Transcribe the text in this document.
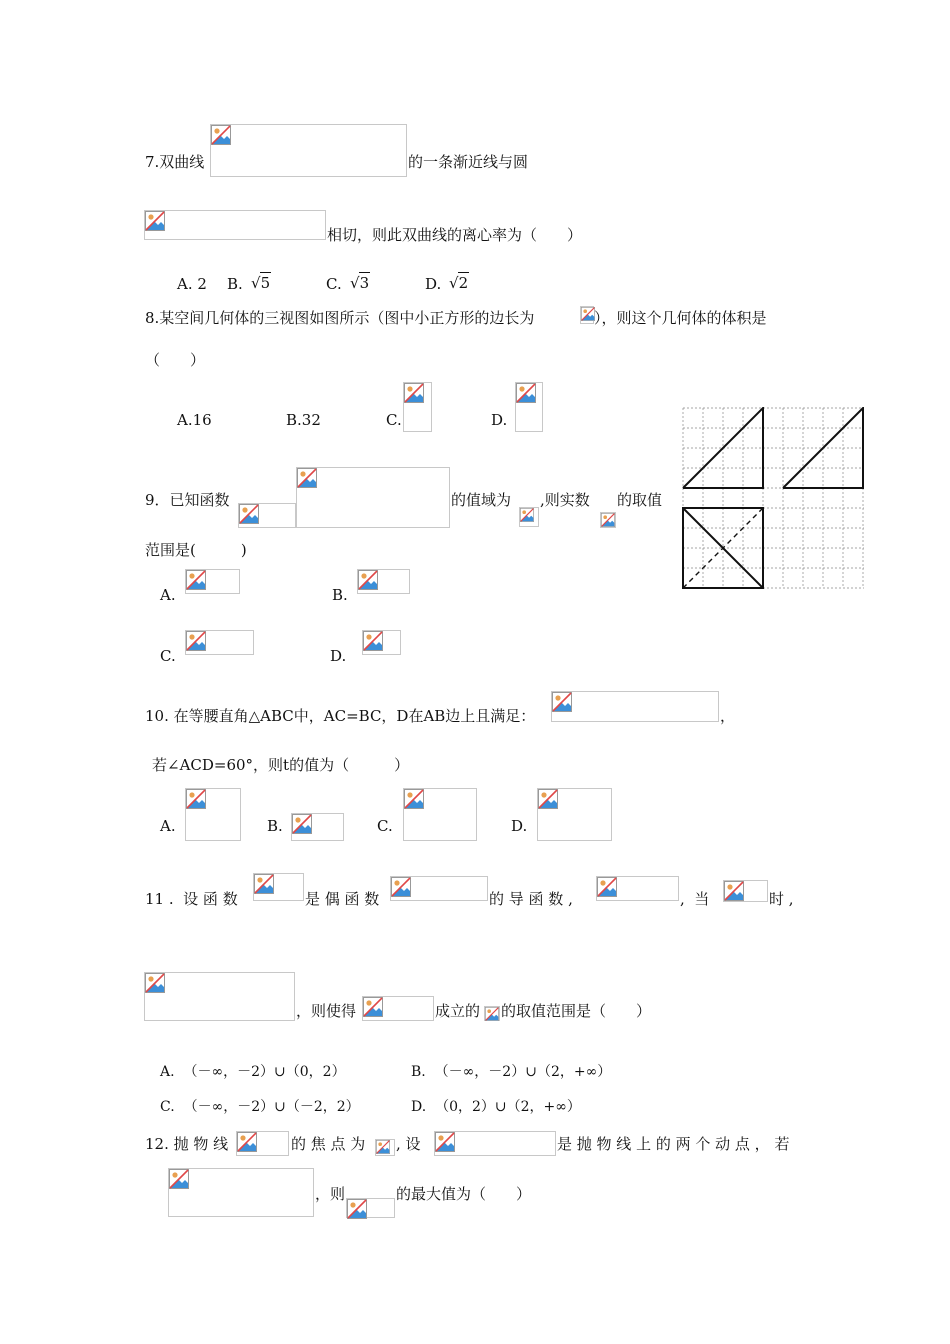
7.双曲线	的一条渐近线与圆
相切，则此双曲线的离心率为（　　）
A. 2 B. √5	C. √3	D. √2
8.某空间几何体的三视图如图所示（图中小正方形的边长为	），则这个几何体的体积是
（　　）
A.16	B.32	C.	D.
9．已知函数	的值域为 ,则实数 的取值
范围是(　　　)
A.	B.
C.	D.
10. 在等腰直角△ABC中，AC=BC，D在AB边上且满足：	，
若∠ACD=60°，则t的值为（　　　）
A.	B.	C.	D.
11 .  设 函 数	是 偶 函 数	的 导 函 数 ,	,  当	时 ,
，则使得	成立的 的取值范围是（　　）
A.  （－∞，－2）∪（0，2）	B.  （－∞，－2）∪（2，+∞）
C.  （－∞，－2）∪（－2，2）	D.  （0，2）∪（2，+∞）
12. 抛 物 线	的 焦 点 为 , 设	是 抛 物 线 上 的 两 个 动 点 ， 若
，则	的最大值为（　　）
